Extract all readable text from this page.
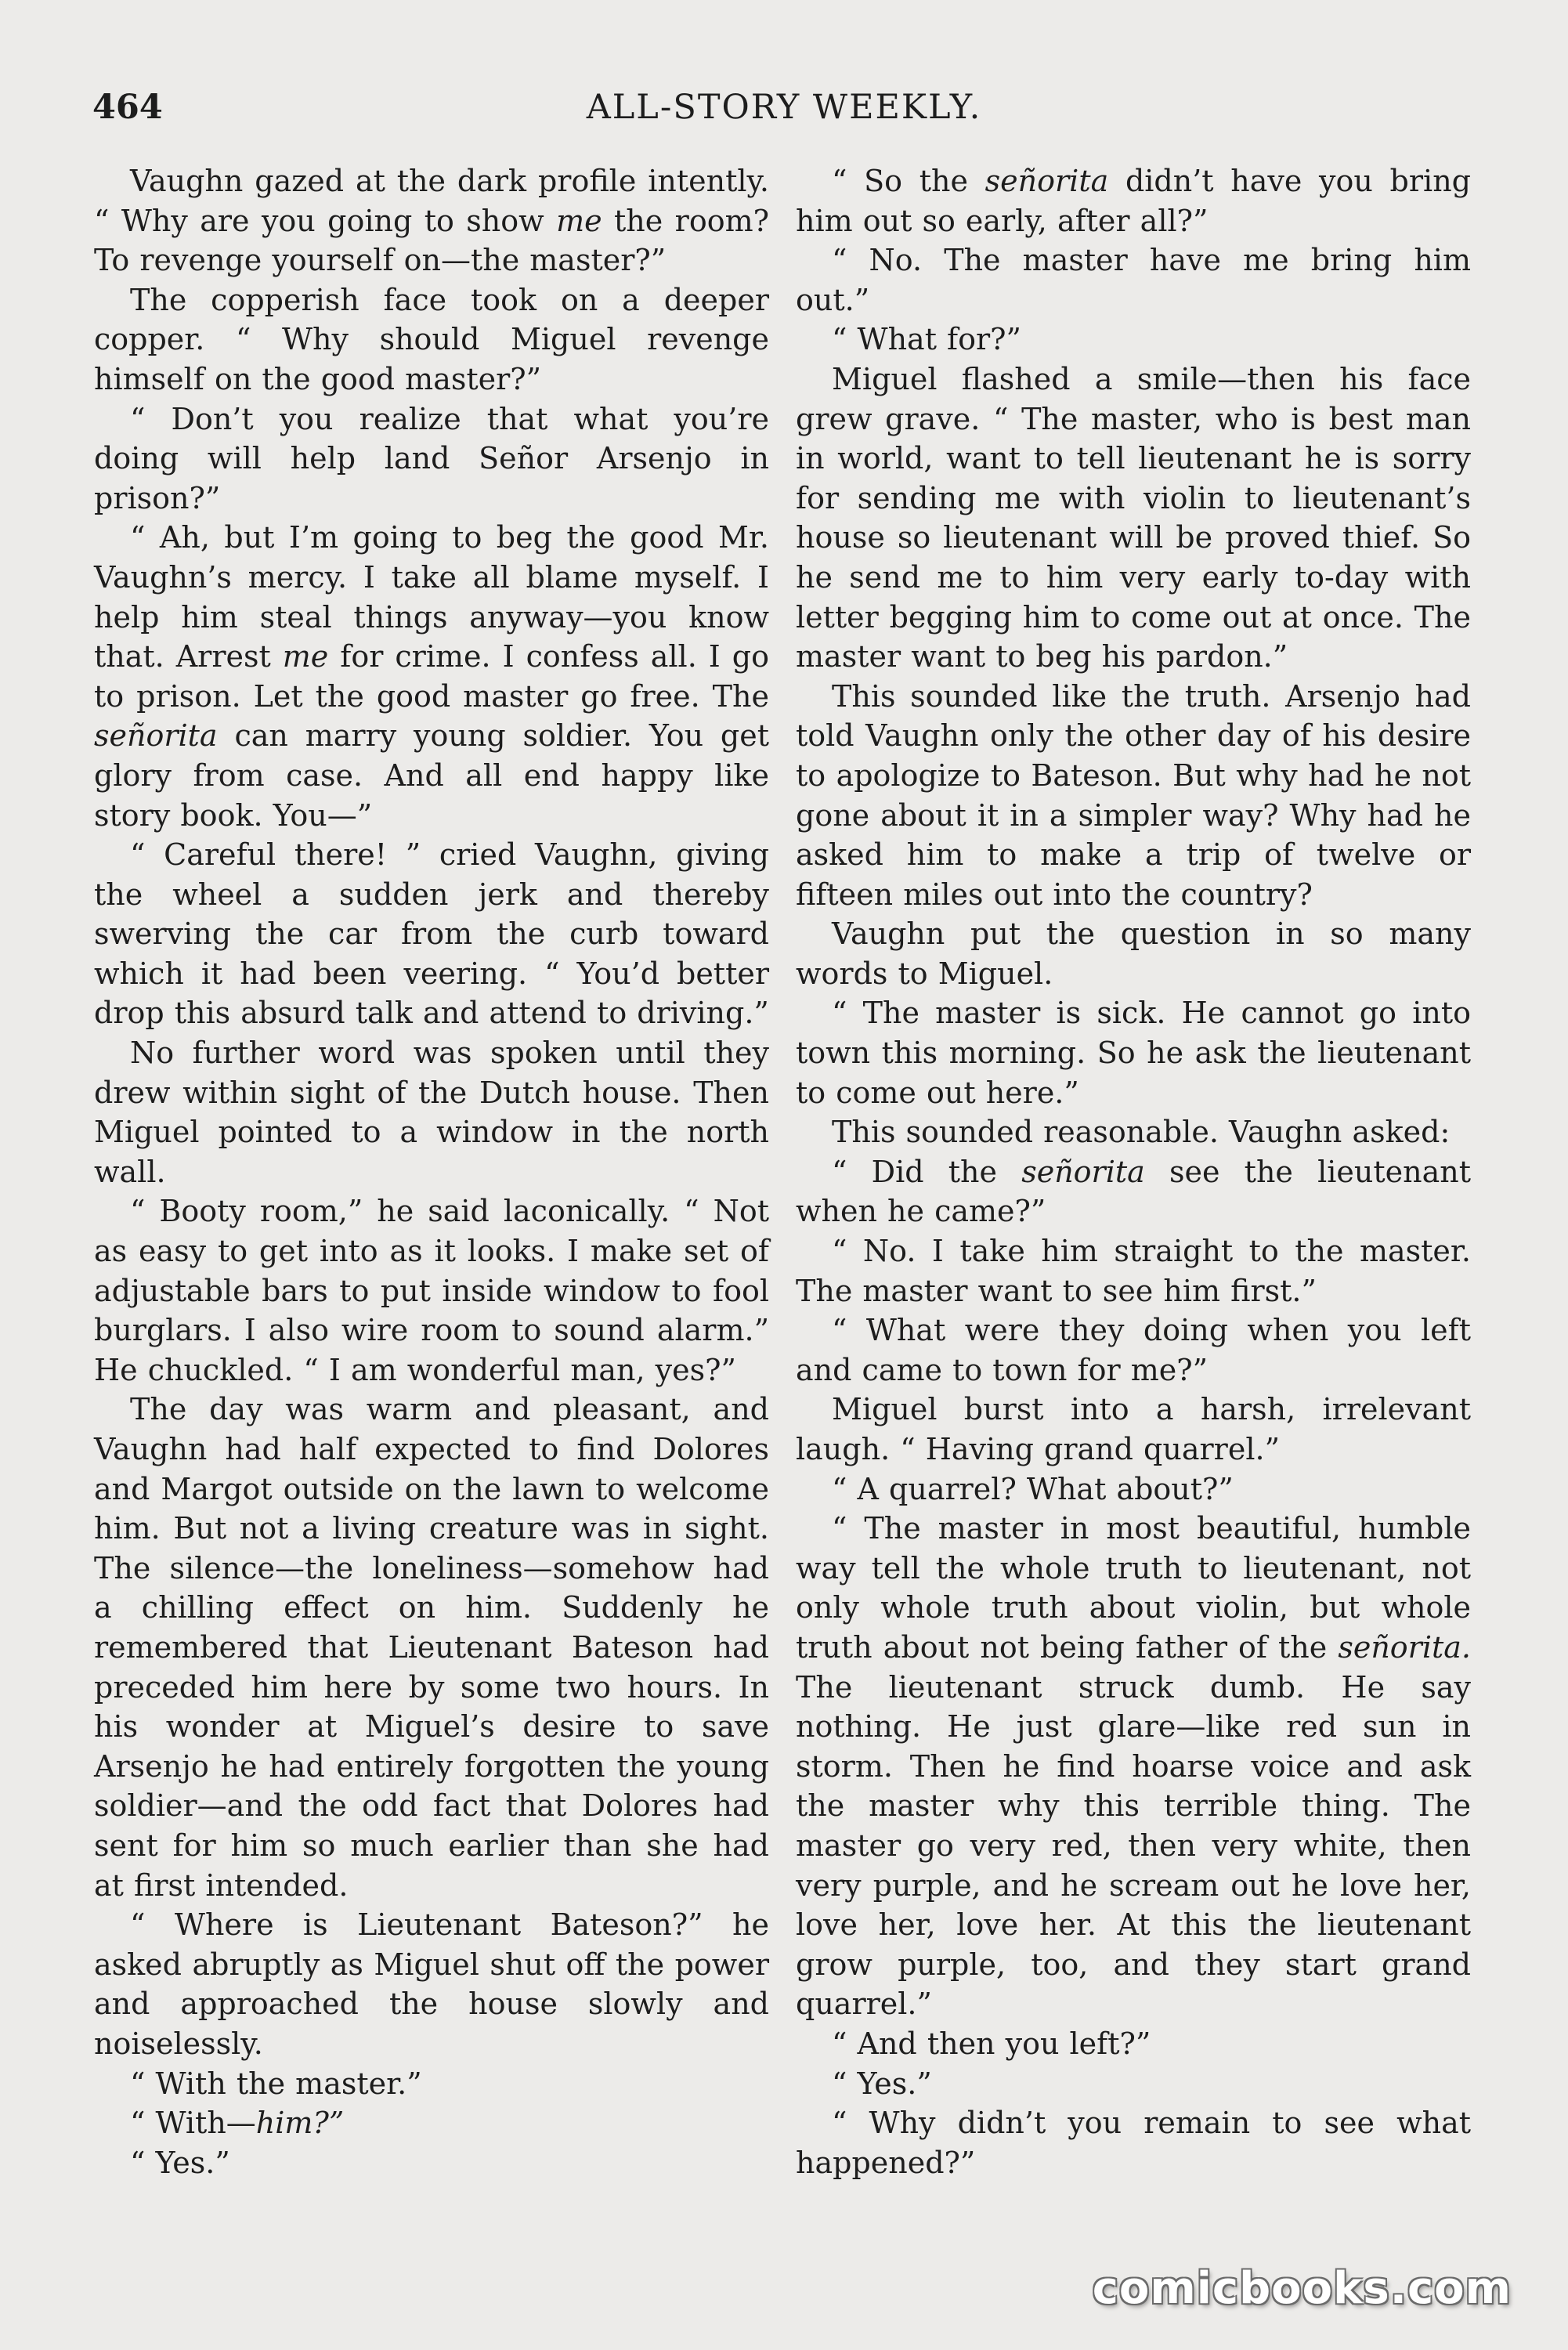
464	ALL-STORY WEEKLY.

Vaughn gazed at the dark profile intently. “ Why are you going to show me the room? To revenge yourself on—the master?”

The copperish face took on a deeper copper. “ Why should Miguel revenge himself on the good master?”

“ Don’t you realize that what you’re doing will help land Señor Arsenjo in prison?”

“ Ah, but I’m going to beg the good Mr. Vaughn’s mercy. I take all blame myself. I help him steal things anyway—you know that. Arrest me for crime. I confess all. I go to prison. Let the good master go free. The señorita can marry young soldier. You get glory from case. And all end happy like story book. You—”

“ Careful there! ” cried Vaughn, giving the wheel a sudden jerk and thereby swerving the car from the curb toward which it had been veering. “ You’d better drop this absurd talk and attend to driving.”

No further word was spoken until they drew within sight of the Dutch house. Then Miguel pointed to a window in the north wall.

“ Booty room,” he said laconically. “ Not as easy to get into as it looks. I make set of adjustable bars to put inside window to fool burglars. I also wire room to sound alarm.” He chuckled. “ I am wonderful man, yes?”

The day was warm and pleasant, and Vaughn had half expected to find Dolores and Margot outside on the lawn to welcome him. But not a living creature was in sight. The silence—the loneliness—somehow had a chilling effect on him. Suddenly he remembered that Lieutenant Bateson had preceded him here by some two hours. In his wonder at Miguel’s desire to save Arsenjo he had entirely forgotten the young soldier—and the odd fact that Dolores had sent for him so much earlier than she had at first intended.

“ Where is Lieutenant Bateson?” he asked abruptly as Miguel shut off the power and approached the house slowly and noiselessly.

“ With the master.”

“ With—him?”

“ Yes.”

“ So the señorita didn’t have you bring him out so early, after all?”

“ No. The master have me bring him out.”

“ What for?”

Miguel flashed a smile—then his face grew grave. “ The master, who is best man in world, want to tell lieutenant he is sorry for sending me with violin to lieutenant’s house so lieutenant will be proved thief. So he send me to him very early to-day with letter begging him to come out at once. The master want to beg his pardon.”

This sounded like the truth. Arsenjo had told Vaughn only the other day of his desire to apologize to Bateson. But why had he not gone about it in a simpler way? Why had he asked him to make a trip of twelve or fifteen miles out into the country?

Vaughn put the question in so many words to Miguel.

“ The master is sick. He cannot go into town this morning. So he ask the lieutenant to come out here.”

This sounded reasonable. Vaughn asked:

“ Did the señorita see the lieutenant when he came?”

“ No. I take him straight to the master. The master want to see him first.”

“ What were they doing when you left and came to town for me?”

Miguel burst into a harsh, irrelevant laugh. “ Having grand quarrel.”

“ A quarrel? What about?”

“ The master in most beautiful, humble way tell the whole truth to lieutenant, not only whole truth about violin, but whole truth about not being father of the señorita. The lieutenant struck dumb. He say nothing. He just glare—like red sun in storm. Then he find hoarse voice and ask the master why this terrible thing. The master go very red, then very white, then very purple, and he scream out he love her, love her, love her. At this the lieutenant grow purple, too, and they start grand quarrel.”

“ And then you left?”

“ Yes.”

“ Why didn’t you remain to see what happened?”

comicbooks.com
